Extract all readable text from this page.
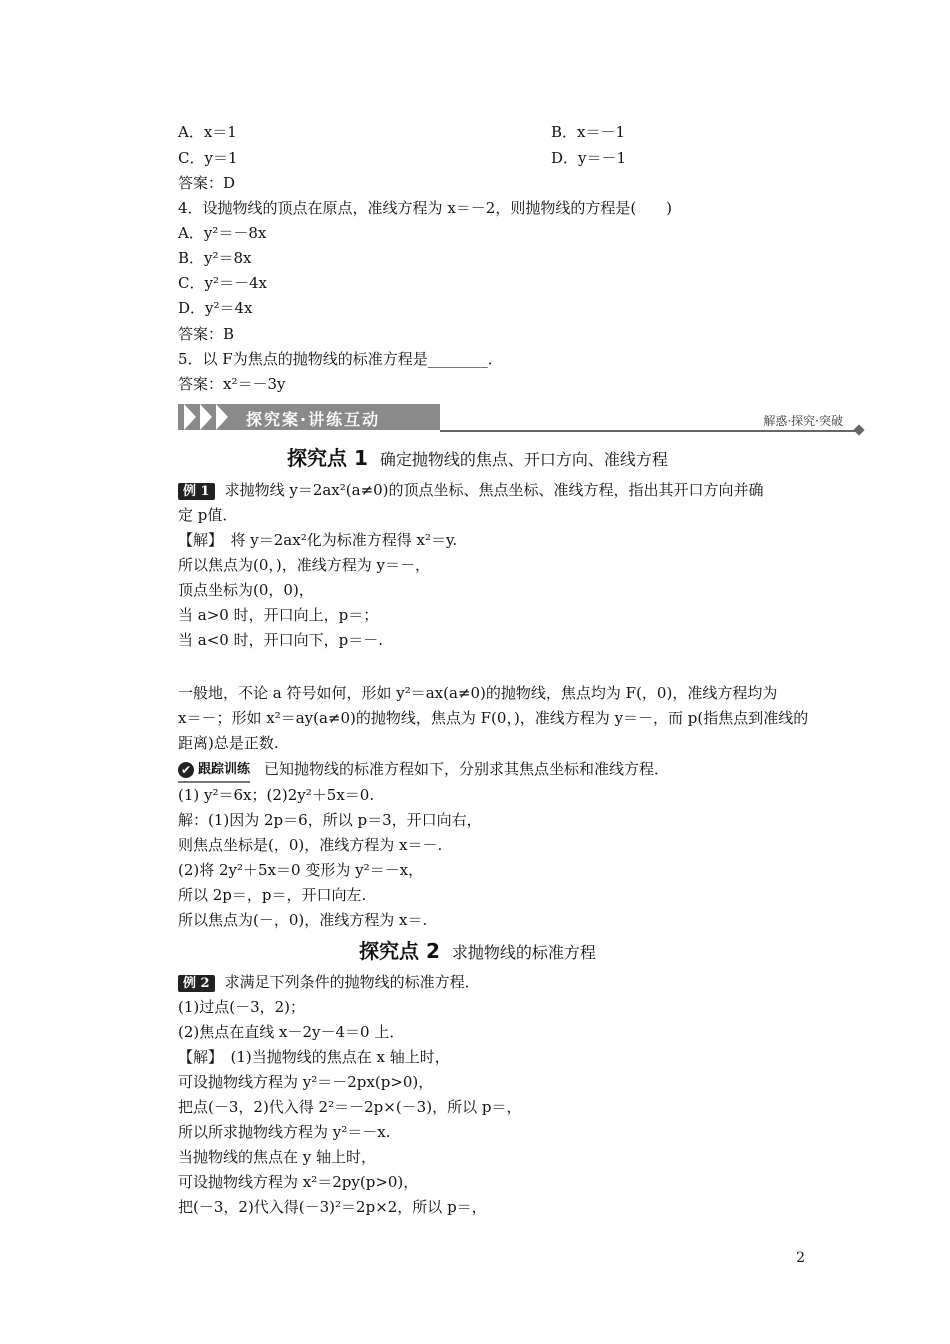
A．x＝1	B．x＝－1
C．y＝1	D．y＝－1
答案：D
4．设抛物线的顶点在原点，准线方程为 x＝－2，则抛物线的方程是(　　)
A．y²＝－8x
B．y²＝8x
C．y²＝－4x
D．y²＝4x
答案：B
5．以 F为焦点的抛物线的标准方程是________．
答案：x²＝－3y
探究案·讲练互动	解惑·探究·突破
探究点 1 确定抛物线的焦点、开口方向、准线方程
例 1 求抛物线 y＝2ax²(a≠0)的顶点坐标、焦点坐标、准线方程，指出其开口方向并确
定 p值．
【解】　将 y＝2ax²化为标准方程得 x²＝y.
所以焦点为(0，)，准线方程为 y＝－，
顶点坐标为(0，0)，
当 a>0 时，开口向上，p＝；
当 a<0 时，开口向下，p＝－.
一般地，不论 a 符号如何，形如 y²＝ax(a≠0)的抛物线，焦点均为 F(，0)，准线方程均为
x＝－；形如 x²＝ay(a≠0)的抛物线，焦点为 F(0，)，准线方程为 y＝－，而 p(指焦点到准线的
距离)总是正数.
✔ 跟踪训练 已知抛物线的标准方程如下，分别求其焦点坐标和准线方程．
(1) y²＝6x；(2)2y²＋5x＝0.
解：(1)因为 2p＝6，所以 p＝3，开口向右，
则焦点坐标是(，0)，准线方程为 x＝－.
(2)将 2y²＋5x＝0 变形为 y²＝－x，
所以 2p＝，p＝，开口向左.
所以焦点为(－，0)，准线方程为 x＝.
探究点 2 求抛物线的标准方程
例 2 求满足下列条件的抛物线的标准方程．
(1)过点(－3，2)；
(2)焦点在直线 x－2y－4＝0 上．
【解】　(1)当抛物线的焦点在 x 轴上时，
可设抛物线方程为 y²＝－2px(p>0)，
把点(－3，2)代入得 2²＝－2p×(－3)，所以 p＝，
所以所求抛物线方程为 y²＝－x.
当抛物线的焦点在 y 轴上时，
可设抛物线方程为 x²＝2py(p>0)，
把(－3，2)代入得(－3)²＝2p×2，所以 p＝，
2
